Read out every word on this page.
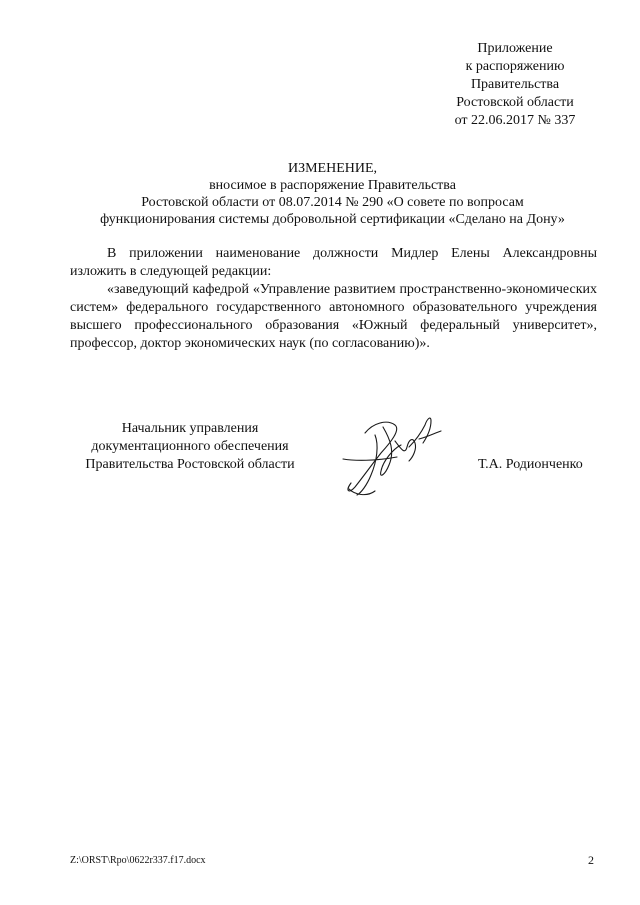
Приложение
к распоряжению
Правительства
Ростовской области
от 22.06.2017 № 337
ИЗМЕНЕНИЕ,
вносимое в распоряжение Правительства
Ростовской области от 08.07.2014 № 290 «О совете по вопросам
функционирования системы добровольной сертификации «Сделано на Дону»

В приложении наименование должности Мидлер Елены Александровны изложить в следующей редакции:

«заведующий кафедрой «Управление развитием пространственно-экономических систем» федерального государственного автономного образовательного учреждения высшего профессионального образования «Южный федеральный университет», профессор, доктор экономических наук (по согласованию)».

Начальник управления
документационного обеспечения
Правительства Ростовской области	Т.А. Родионченко
Z:\ORST\Rpo\0622r337.f17.docx	2
